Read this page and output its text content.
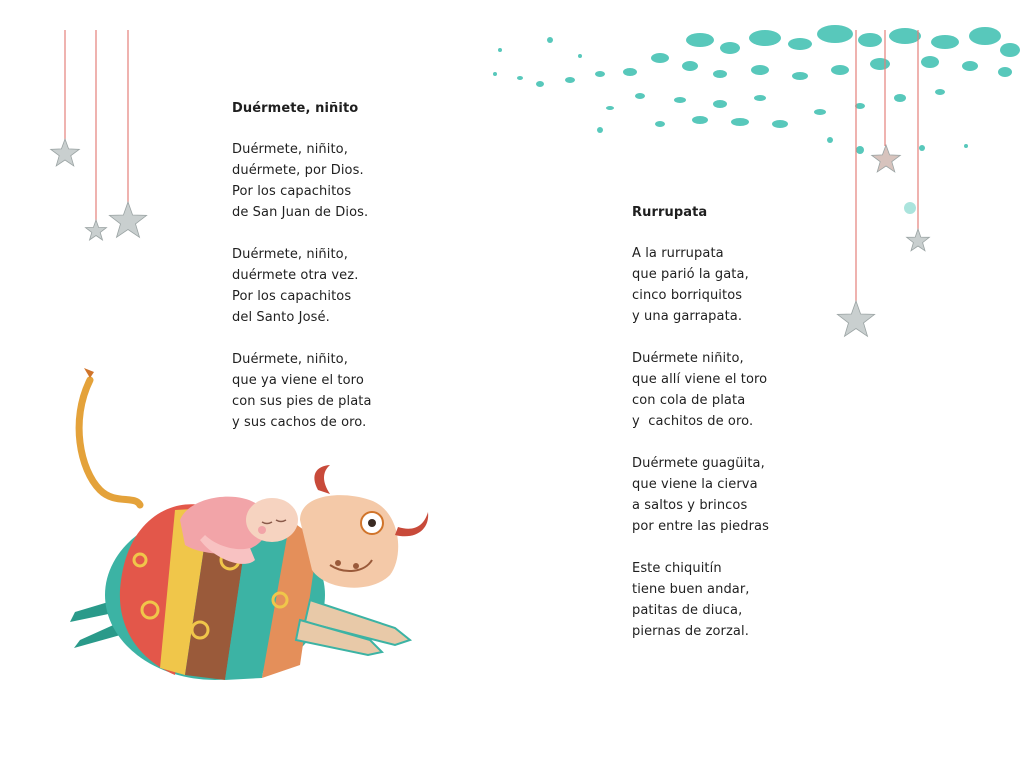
Duérmete, niñito
Duérmete, niñito,
duérmete, por Dios.
Por los capachitos
de San Juan de Dios.
Duérmete, niñito,
duérmete otra vez.
Por los capachitos
del Santo José.
Duérmete, niñito,
que ya viene el toro
con sus pies de plata
y sus cachos de oro.
Rurrupata
A la rurrupata
que parió la gata,
cinco borriquitos
y una garrapata.
Duérmete niñito,
que allí viene el toro
con cola de plata
y  cachitos de oro.
Duérmete guagüita,
que viene la cierva
a saltos y brincos
por entre las piedras
Este chiquitín
tiene buen andar,
patitas de diuca,
piernas de zorzal.
